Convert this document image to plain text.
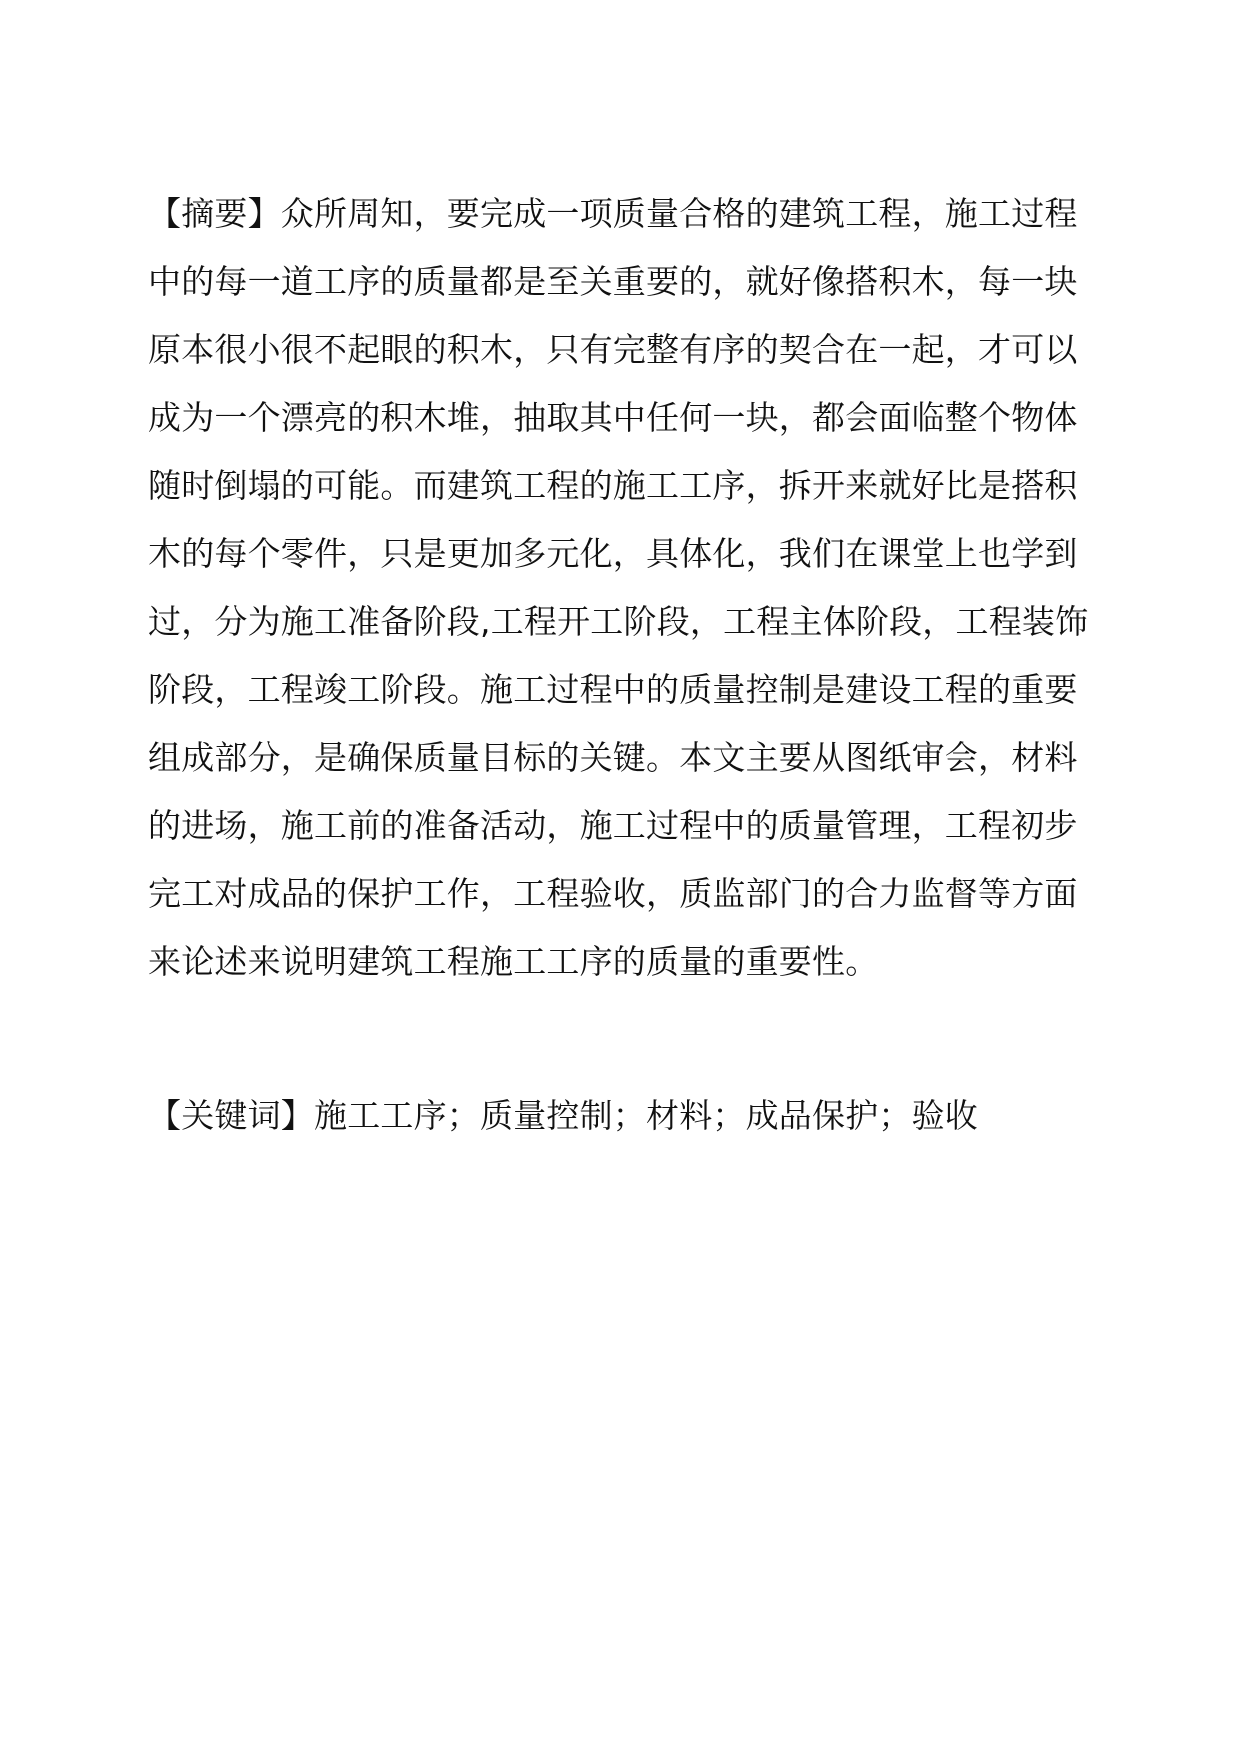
【摘要】众所周知，要完成一项质量合格的建筑工程，施工过程
中的每一道工序的质量都是至关重要的，就好像搭积木，每一块
原本很小很不起眼的积木，只有完整有序的契合在一起，才可以
成为一个漂亮的积木堆，抽取其中任何一块，都会面临整个物体
随时倒塌的可能。而建筑工程的施工工序，拆开来就好比是搭积
木的每个零件，只是更加多元化，具体化，我们在课堂上也学到
过，分为施工准备阶段,工程开工阶段，工程主体阶段，工程装饰
阶段，工程竣工阶段。施工过程中的质量控制是建设工程的重要
组成部分，是确保质量目标的关键。本文主要从图纸审会，材料
的进场，施工前的准备活动，施工过程中的质量管理，工程初步
完工对成品的保护工作，工程验收，质监部门的合力监督等方面
来论述来说明建筑工程施工工序的质量的重要性。
【关键词】施工工序；质量控制；材料；成品保护；验收
